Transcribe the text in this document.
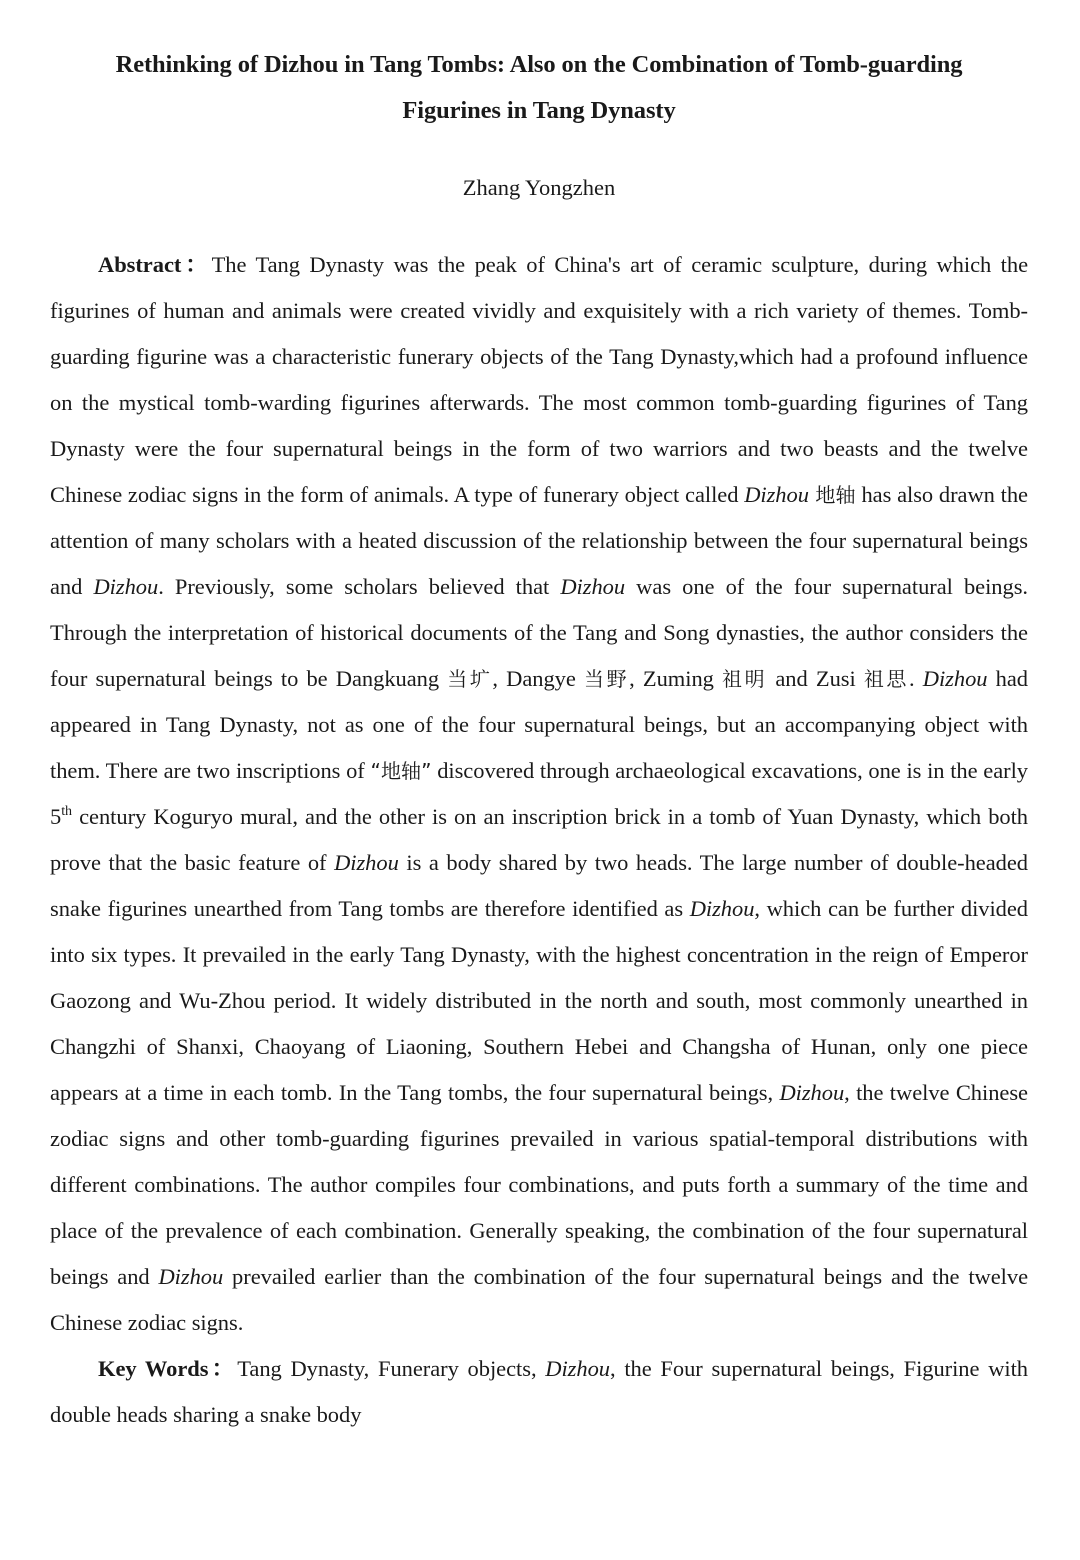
Rethinking of Dizhou in Tang Tombs: Also on the Combination of Tomb-guarding
Figurines in Tang Dynasty

Zhang Yongzhen

Abstract：The Tang Dynasty was the peak of China's art of ceramic sculpture, during which the figurines of human and animals were created vividly and exquisitely with a rich variety of themes. Tomb-guarding figurine was a characteristic funerary objects of the Tang Dynasty,which had a profound influence on the mystical tomb-warding figurines afterwards. The most common tomb-guarding figurines of Tang Dynasty were the four supernatural beings in the form of two warriors and two beasts and the twelve Chinese zodiac signs in the form of animals. A type of funerary object called Dizhou 地轴 has also drawn the attention of many scholars with a heated discussion of the relationship between the four supernatural beings and Dizhou. Previously, some scholars believed that Dizhou was one of the four supernatural beings. Through the interpretation of historical documents of the Tang and Song dynasties, the author considers the four supernatural beings to be Dangkuang 当圹, Dangye 当野, Zuming 祖明 and Zusi 祖思. Dizhou had appeared in Tang Dynasty, not as one of the four supernatural beings, but an accompanying object with them. There are two inscriptions of “地轴” discovered through archaeological excavations, one is in the early 5th century Koguryo mural, and the other is on an inscription brick in a tomb of Yuan Dynasty, which both prove that the basic feature of Dizhou is a body shared by two heads. The large number of double-headed snake figurines unearthed from Tang tombs are therefore identified as Dizhou, which can be further divided into six types. It prevailed in the early Tang Dynasty, with the highest concentration in the reign of Emperor Gaozong and Wu-Zhou period. It widely distributed in the north and south, most commonly unearthed in Changzhi of Shanxi, Chaoyang of Liaoning, Southern Hebei and Changsha of Hunan, only one piece appears at a time in each tomb. In the Tang tombs, the four supernatural beings, Dizhou, the twelve Chinese zodiac signs and other tomb-guarding figurines prevailed in various spatial-temporal distributions with different combinations. The author compiles four combinations, and puts forth a summary of the time and place of the prevalence of each combination. Generally speaking, the combination of the four supernatural beings and Dizhou prevailed earlier than the combination of the four supernatural beings and the twelve Chinese zodiac signs.

Key Words：Tang Dynasty, Funerary objects, Dizhou, the Four supernatural beings, Figurine with double heads sharing a snake body
